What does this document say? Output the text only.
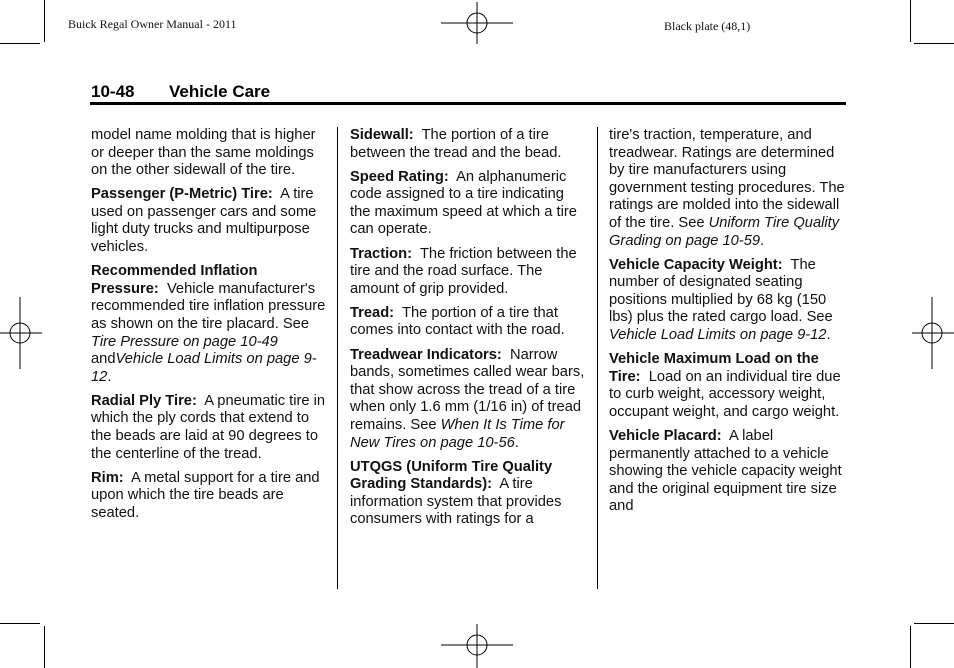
Buick Regal Owner Manual - 2011	Black plate (48,1)
10-48 Vehicle Care

model name molding that is higher or deeper than the same moldings on the other sidewall of the tire.

Passenger (P-Metric) Tire: A tire used on passenger cars and some light duty trucks and multipurpose vehicles.

Recommended Inflation Pressure: Vehicle manufacturer's recommended tire inflation pressure as shown on the tire placard. See Tire Pressure on page 10-49 andVehicle Load Limits on page 9-12.

Radial Ply Tire: A pneumatic tire in which the ply cords that extend to the beads are laid at 90 degrees to the centerline of the tread.

Rim: A metal support for a tire and upon which the tire beads are seated.

Sidewall: The portion of a tire between the tread and the bead.

Speed Rating: An alphanumeric code assigned to a tire indicating the maximum speed at which a tire can operate.

Traction: The friction between the tire and the road surface. The amount of grip provided.

Tread: The portion of a tire that comes into contact with the road.

Treadwear Indicators: Narrow bands, sometimes called wear bars, that show across the tread of a tire when only 1.6 mm (1/16 in) of tread remains. See When It Is Time for New Tires on page 10-56.

UTQGS (Uniform Tire Quality Grading Standards): A tire information system that provides consumers with ratings for a

tire's traction, temperature, and treadwear. Ratings are determined by tire manufacturers using government testing procedures. The ratings are molded into the sidewall of the tire. See Uniform Tire Quality Grading on page 10-59.

Vehicle Capacity Weight: The number of designated seating positions multiplied by 68 kg (150 lbs) plus the rated cargo load. See Vehicle Load Limits on page 9-12.

Vehicle Maximum Load on the Tire: Load on an individual tire due to curb weight, accessory weight, occupant weight, and cargo weight.

Vehicle Placard: A label permanently attached to a vehicle showing the vehicle capacity weight and the original equipment tire size and
